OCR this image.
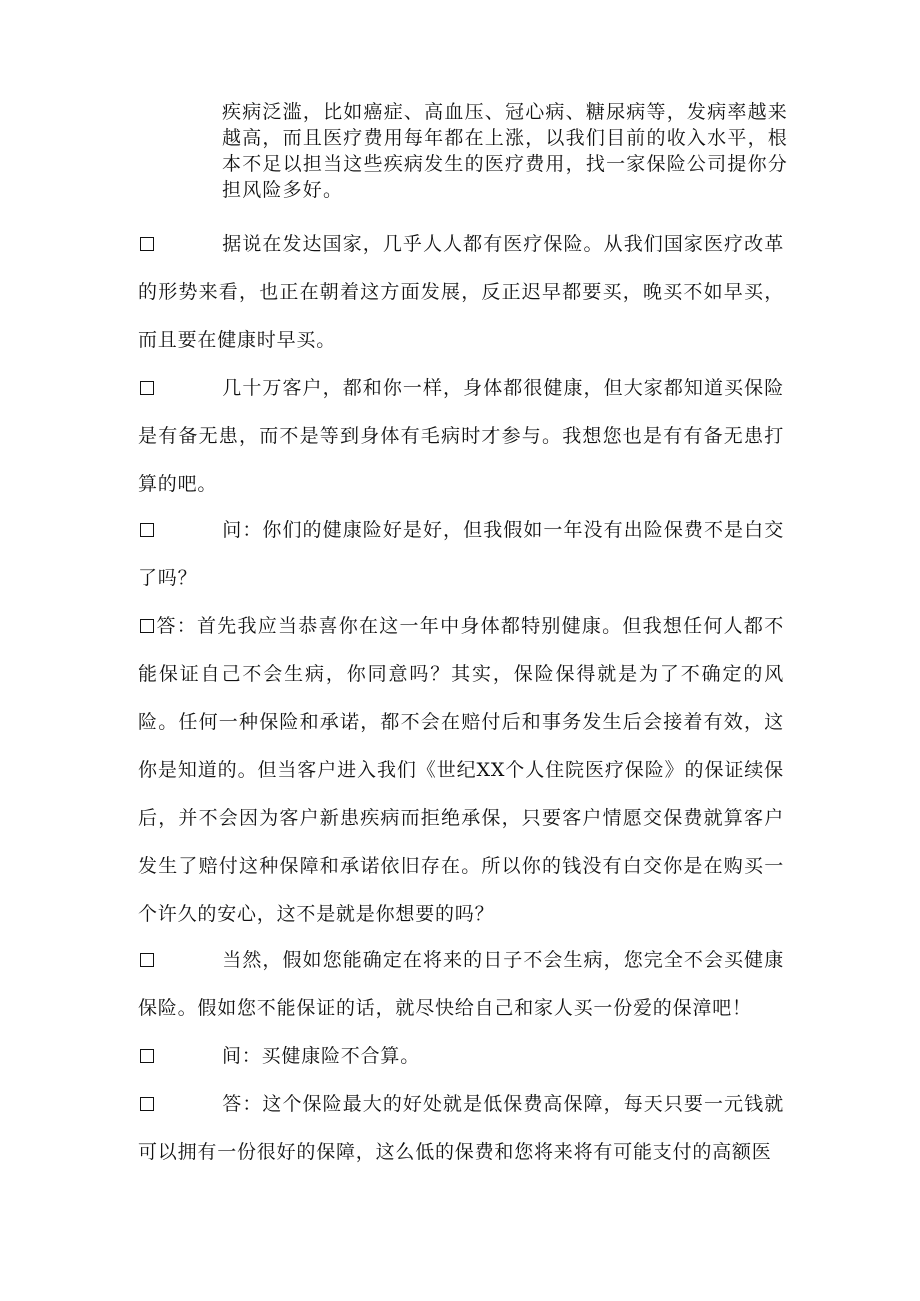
疾病泛滥，比如癌症、高血压、冠心病、糖尿病等，发病率越来越高，而且医疗费用每年都在上涨，以我们目前的收入水平，根本不足以担当这些疾病发生的医疗费用，找一家保险公司提你分担风险多好。

据说在发达国家，几乎人人都有医疗保险。从我们国家医疗改革的形势来看，也正在朝着这方面发展，反正迟早都要买，晚买不如早买，而且要在健康时早买。

几十万客户，都和你一样，身体都很健康，但大家都知道买保险是有备无患，而不是等到身体有毛病时才参与。我想您也是有有备无患打算的吧。

问：你们的健康险好是好，但我假如一年没有出险保费不是白交了吗？

答：首先我应当恭喜你在这一年中身体都特别健康。但我想任何人都不能保证自己不会生病，你同意吗？其实，保险保得就是为了不确定的风险。任何一种保险和承诺，都不会在赔付后和事务发生后会接着有效，这你是知道的。但当客户进入我们《世纪XX个人住院医疗保险》的保证续保后，并不会因为客户新患疾病而拒绝承保，只要客户情愿交保费就算客户发生了赔付这种保障和承诺依旧存在。所以你的钱没有白交你是在购买一个许久的安心，这不是就是你想要的吗？

当然，假如您能确定在将来的日子不会生病，您完全不会买健康保险。假如您不能保证的话，就尽快给自己和家人买一份爱的保漳吧！

间：买健康险不合算。

答：这个保险最大的好处就是低保费高保障，每天只要一元钱就可以拥有一份很好的保障，这么低的保费和您将来将有可能支付的高额医
